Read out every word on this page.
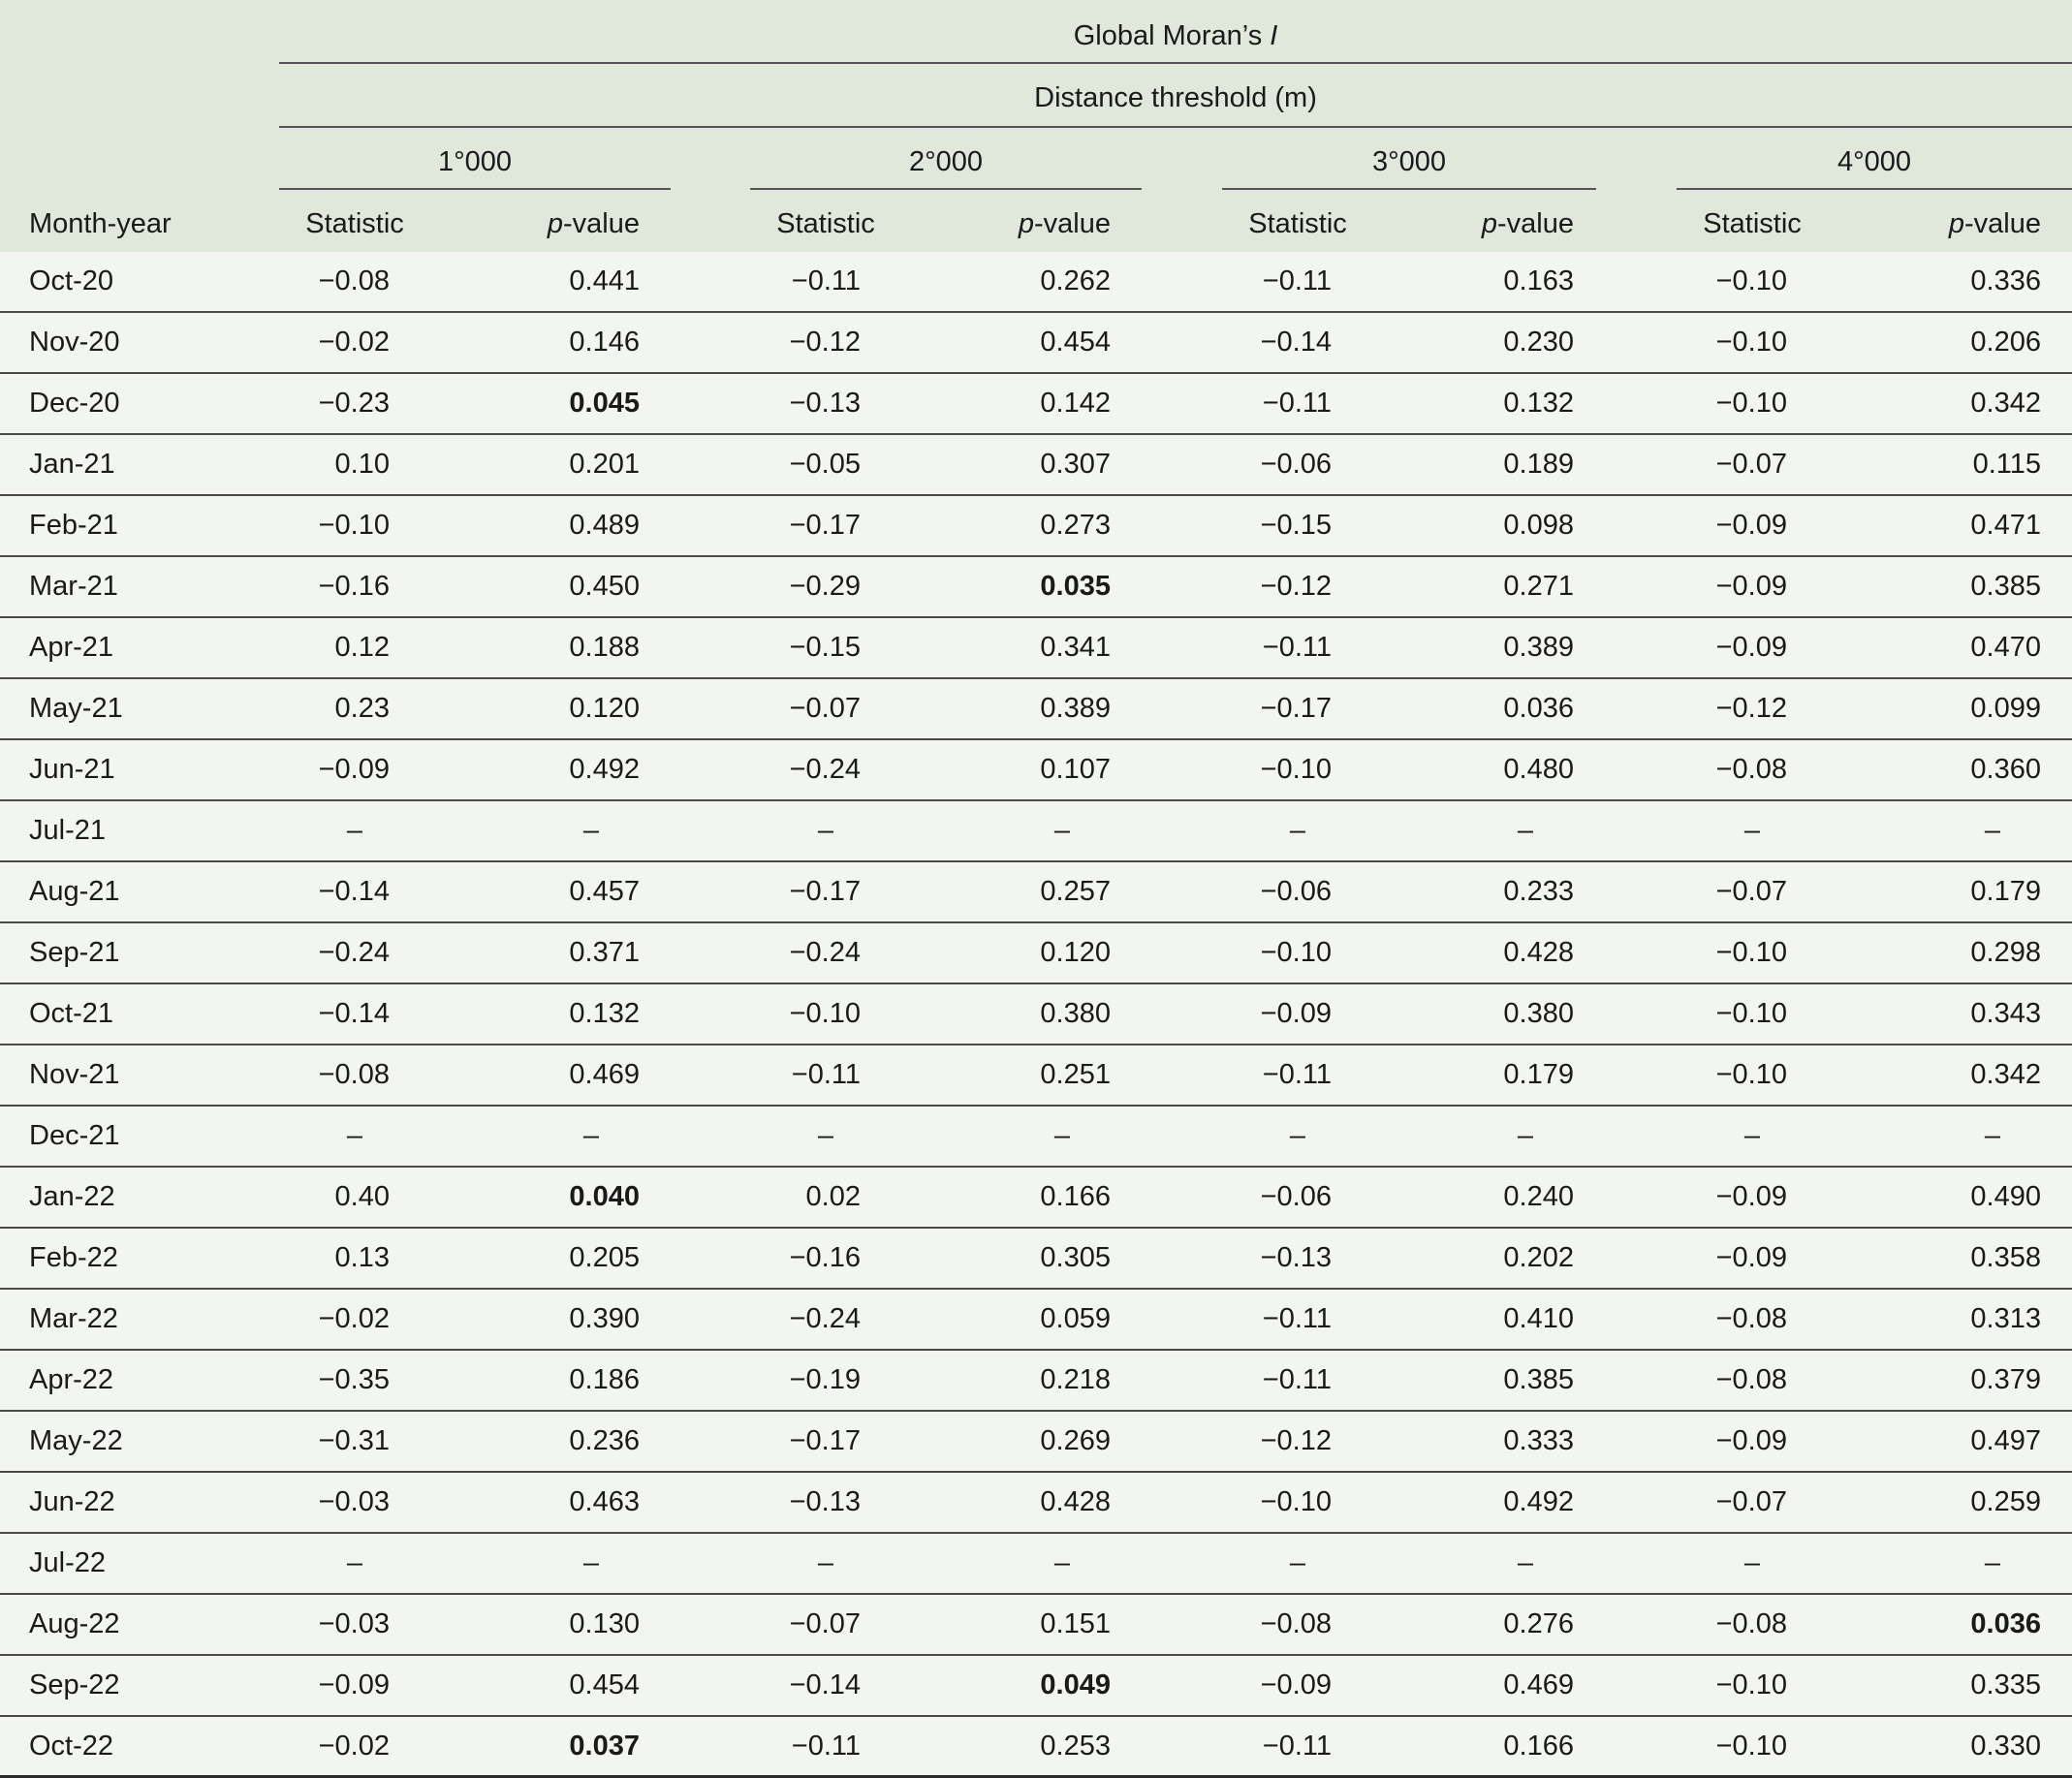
Global Moran’s I
Distance threshold (m)
1°000	2°000	3°000	4°000
Month-year	Statistic	p-value	Statistic	p-value	Statistic	p-value	Statistic	p-value
Oct-20	−0.08	0.441	−0.11	0.262	−0.11	0.163	−0.10	0.336
Nov-20	−0.02	0.146	−0.12	0.454	−0.14	0.230	−0.10	0.206
Dec-20	−0.23	0.045	−0.13	0.142	−0.11	0.132	−0.10	0.342
Jan-21	0.10	0.201	−0.05	0.307	−0.06	0.189	−0.07	0.115
Feb-21	−0.10	0.489	−0.17	0.273	−0.15	0.098	−0.09	0.471
Mar-21	−0.16	0.450	−0.29	0.035	−0.12	0.271	−0.09	0.385
Apr-21	0.12	0.188	−0.15	0.341	−0.11	0.389	−0.09	0.470
May-21	0.23	0.120	−0.07	0.389	−0.17	0.036	−0.12	0.099
Jun-21	−0.09	0.492	−0.24	0.107	−0.10	0.480	−0.08	0.360
Jul-21	–	–	–	–	–	–	–	–
Aug-21	−0.14	0.457	−0.17	0.257	−0.06	0.233	−0.07	0.179
Sep-21	−0.24	0.371	−0.24	0.120	−0.10	0.428	−0.10	0.298
Oct-21	−0.14	0.132	−0.10	0.380	−0.09	0.380	−0.10	0.343
Nov-21	−0.08	0.469	−0.11	0.251	−0.11	0.179	−0.10	0.342
Dec-21	–	–	–	–	–	–	–	–
Jan-22	0.40	0.040	0.02	0.166	−0.06	0.240	−0.09	0.490
Feb-22	0.13	0.205	−0.16	0.305	−0.13	0.202	−0.09	0.358
Mar-22	−0.02	0.390	−0.24	0.059	−0.11	0.410	−0.08	0.313
Apr-22	−0.35	0.186	−0.19	0.218	−0.11	0.385	−0.08	0.379
May-22	−0.31	0.236	−0.17	0.269	−0.12	0.333	−0.09	0.497
Jun-22	−0.03	0.463	−0.13	0.428	−0.10	0.492	−0.07	0.259
Jul-22	–	–	–	–	–	–	–	–
Aug-22	−0.03	0.130	−0.07	0.151	−0.08	0.276	−0.08	0.036
Sep-22	−0.09	0.454	−0.14	0.049	−0.09	0.469	−0.10	0.335
Oct-22	−0.02	0.037	−0.11	0.253	−0.11	0.166	−0.10	0.330
